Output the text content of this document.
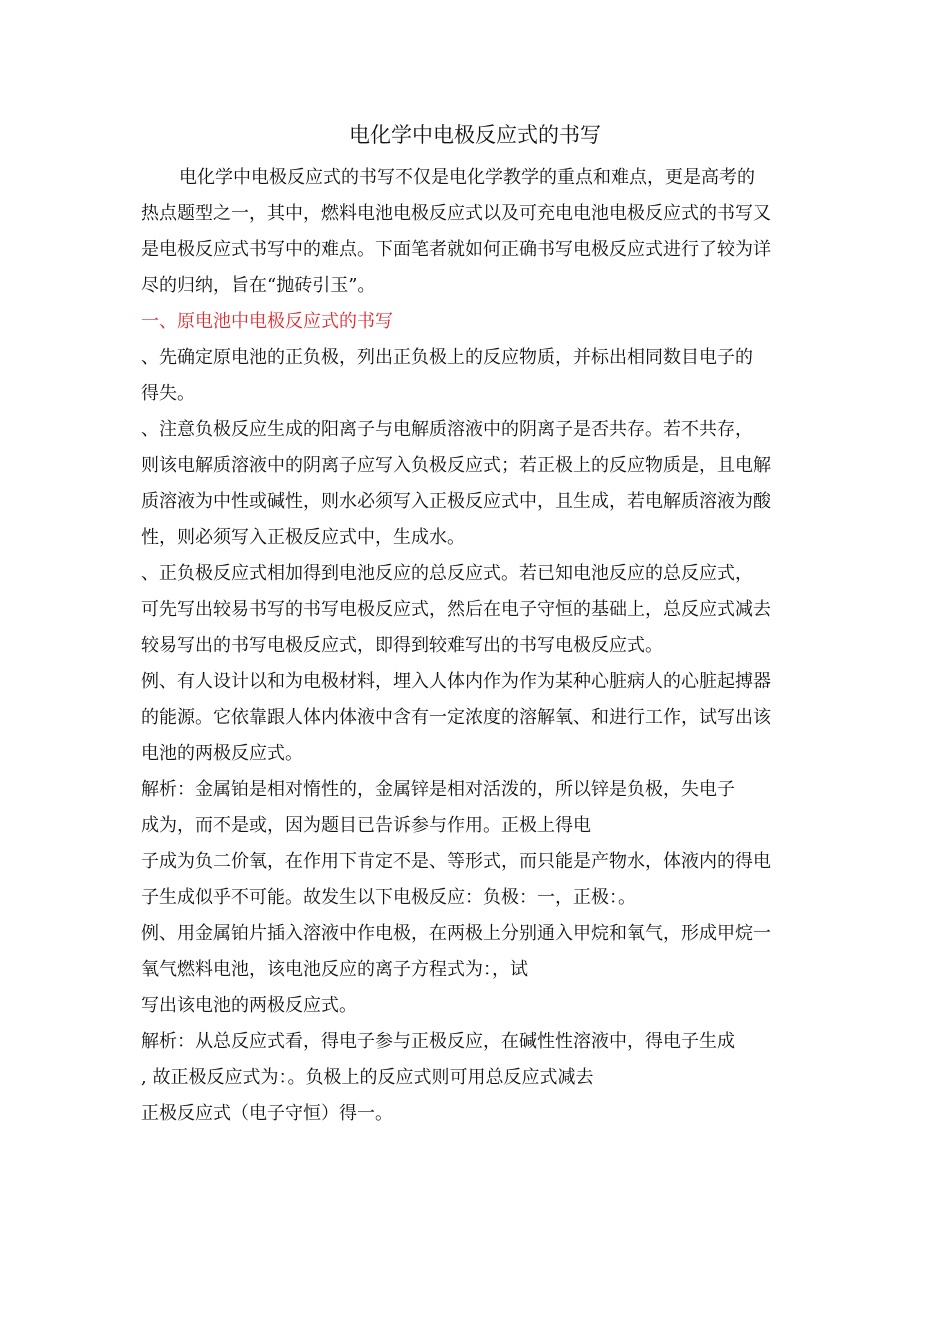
电化学中电极反应式的书写
电化学中电极反应式的书写不仅是电化学教学的重点和难点，更是高考的
热点题型之一，其中，燃料电池电极反应式以及可充电电池电极反应式的书写又
是电极反应式书写中的难点。下面笔者就如何正确书写电极反应式进行了较为详
尽的归纳，旨在“抛砖引玉”。
一、原电池中电极反应式的书写
、先确定原电池的正负极，列出正负极上的反应物质，并标出相同数目电子的
得失。
、注意负极反应生成的阳离子与电解质溶液中的阴离子是否共存。若不共存，
则该电解质溶液中的阴离子应写入负极反应式；若正极上的反应物质是，且电解
质溶液为中性或碱性，则水必须写入正极反应式中，且生成，若电解质溶液为酸
性，则必须写入正极反应式中，生成水。
、正负极反应式相加得到电池反应的总反应式。若已知电池反应的总反应式，
可先写出较易书写的书写电极反应式，然后在电子守恒的基础上，总反应式减去
较易写出的书写电极反应式，即得到较难写出的书写电极反应式。
例、有人设计以和为电极材料，埋入人体内作为作为某种心脏病人的心脏起搏器
的能源。它依靠跟人体内体液中含有一定浓度的溶解氧、和进行工作，试写出该
电池的两极反应式。
解析：金属铂是相对惰性的，金属锌是相对活泼的，所以锌是负极，失电子
成为，而不是或，因为题目已告诉参与作用。正极上得电
子成为负二价氧，在作用下肯定不是、等形式，而只能是产物水，体液内的得电
子生成似乎不可能。故发生以下电极反应：负极：一，正极：。
例、用金属铂片插入溶液中作电极，在两极上分别通入甲烷和氧气，形成甲烷一
氧气燃料电池，该电池反应的离子方程式为：，试
写出该电池的两极反应式。
解析：从总反应式看，得电子参与正极反应，在碱性性溶液中，得电子生成
, 故正极反应式为：。负极上的反应式则可用总反应式减去
正极反应式（电子守恒）得一。
